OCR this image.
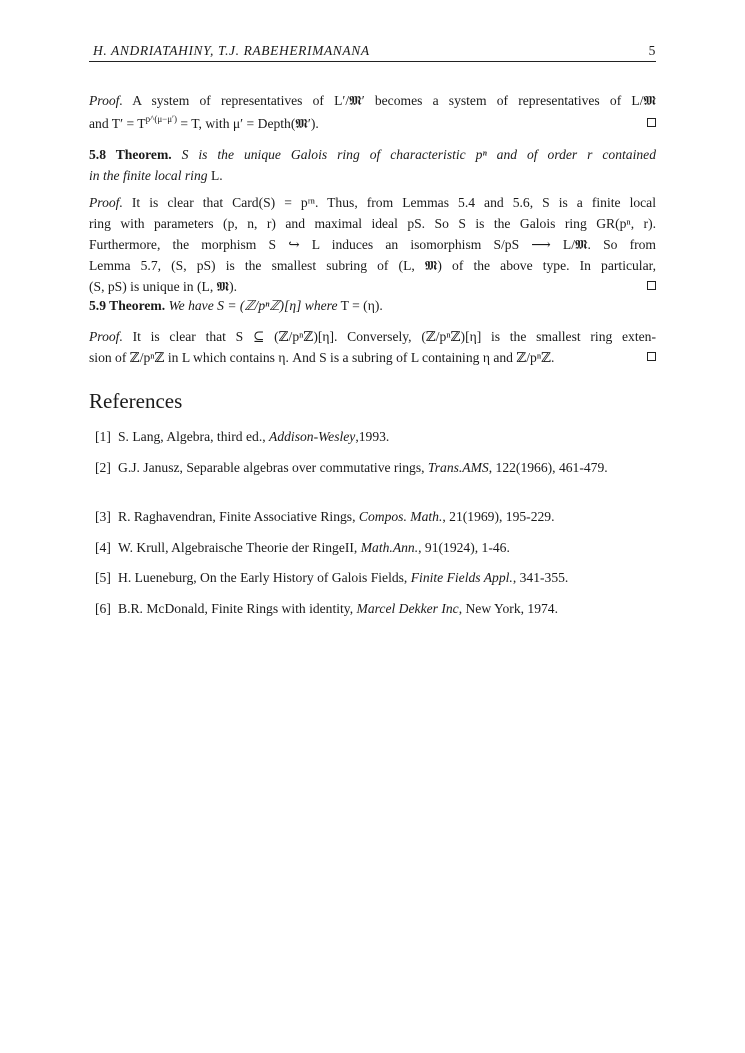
H. ANDRIATAHINY, T.J. RABEHERIMANANA	5
Proof. A system of representatives of L′/𝕸′ becomes a system of representatives of L/𝕸
and $T' = T^{p\^{}(\mu-\mu')} = T$, with μ′ = Depth(𝕸′).
5.8 Theorem. S is the unique Galois ring of characteristic pⁿ and of order r contained
in the finite local ring L.
Proof. It is clear that Card(S) = pʳⁿ. Thus, from Lemmas 5.4 and 5.6, S is a finite local
ring with parameters (p, n, r) and maximal ideal pS. So S is the Galois ring GR(pⁿ, r).
Furthermore, the morphism S ↪ L induces an isomorphism S/pS ⟶ L/𝕸. So from
Lemma 5.7, (S, pS) is the smallest subring of (L, 𝕸) of the above type. In particular,
(S, pS) is unique in (L, 𝕸).
5.9 Theorem. We have S = (ℤ/pⁿℤ)[η] where T = (η).
Proof. It is clear that S ⊆ (ℤ/pⁿℤ)[η]. Conversely, (ℤ/pⁿℤ)[η] is the smallest ring exten-
sion of ℤ/pⁿℤ in L which contains η. And S is a subring of L containing η and ℤ/pⁿℤ.
References
[1] S. Lang, Algebra, third ed., Addison-Wesley,1993.
[2] G.J. Janusz, Separable algebras over commutative rings, Trans.AMS, 122(1966), 461-479.
[3] R. Raghavendran, Finite Associative Rings, Compos. Math., 21(1969), 195-229.
[4] W. Krull, Algebraische Theorie der RingeII, Math.Ann., 91(1924), 1-46.
[5] H. Lueneburg, On the Early History of Galois Fields, Finite Fields Appl., 341-355.
[6] B.R. McDonald, Finite Rings with identity, Marcel Dekker Inc, New York, 1974.
